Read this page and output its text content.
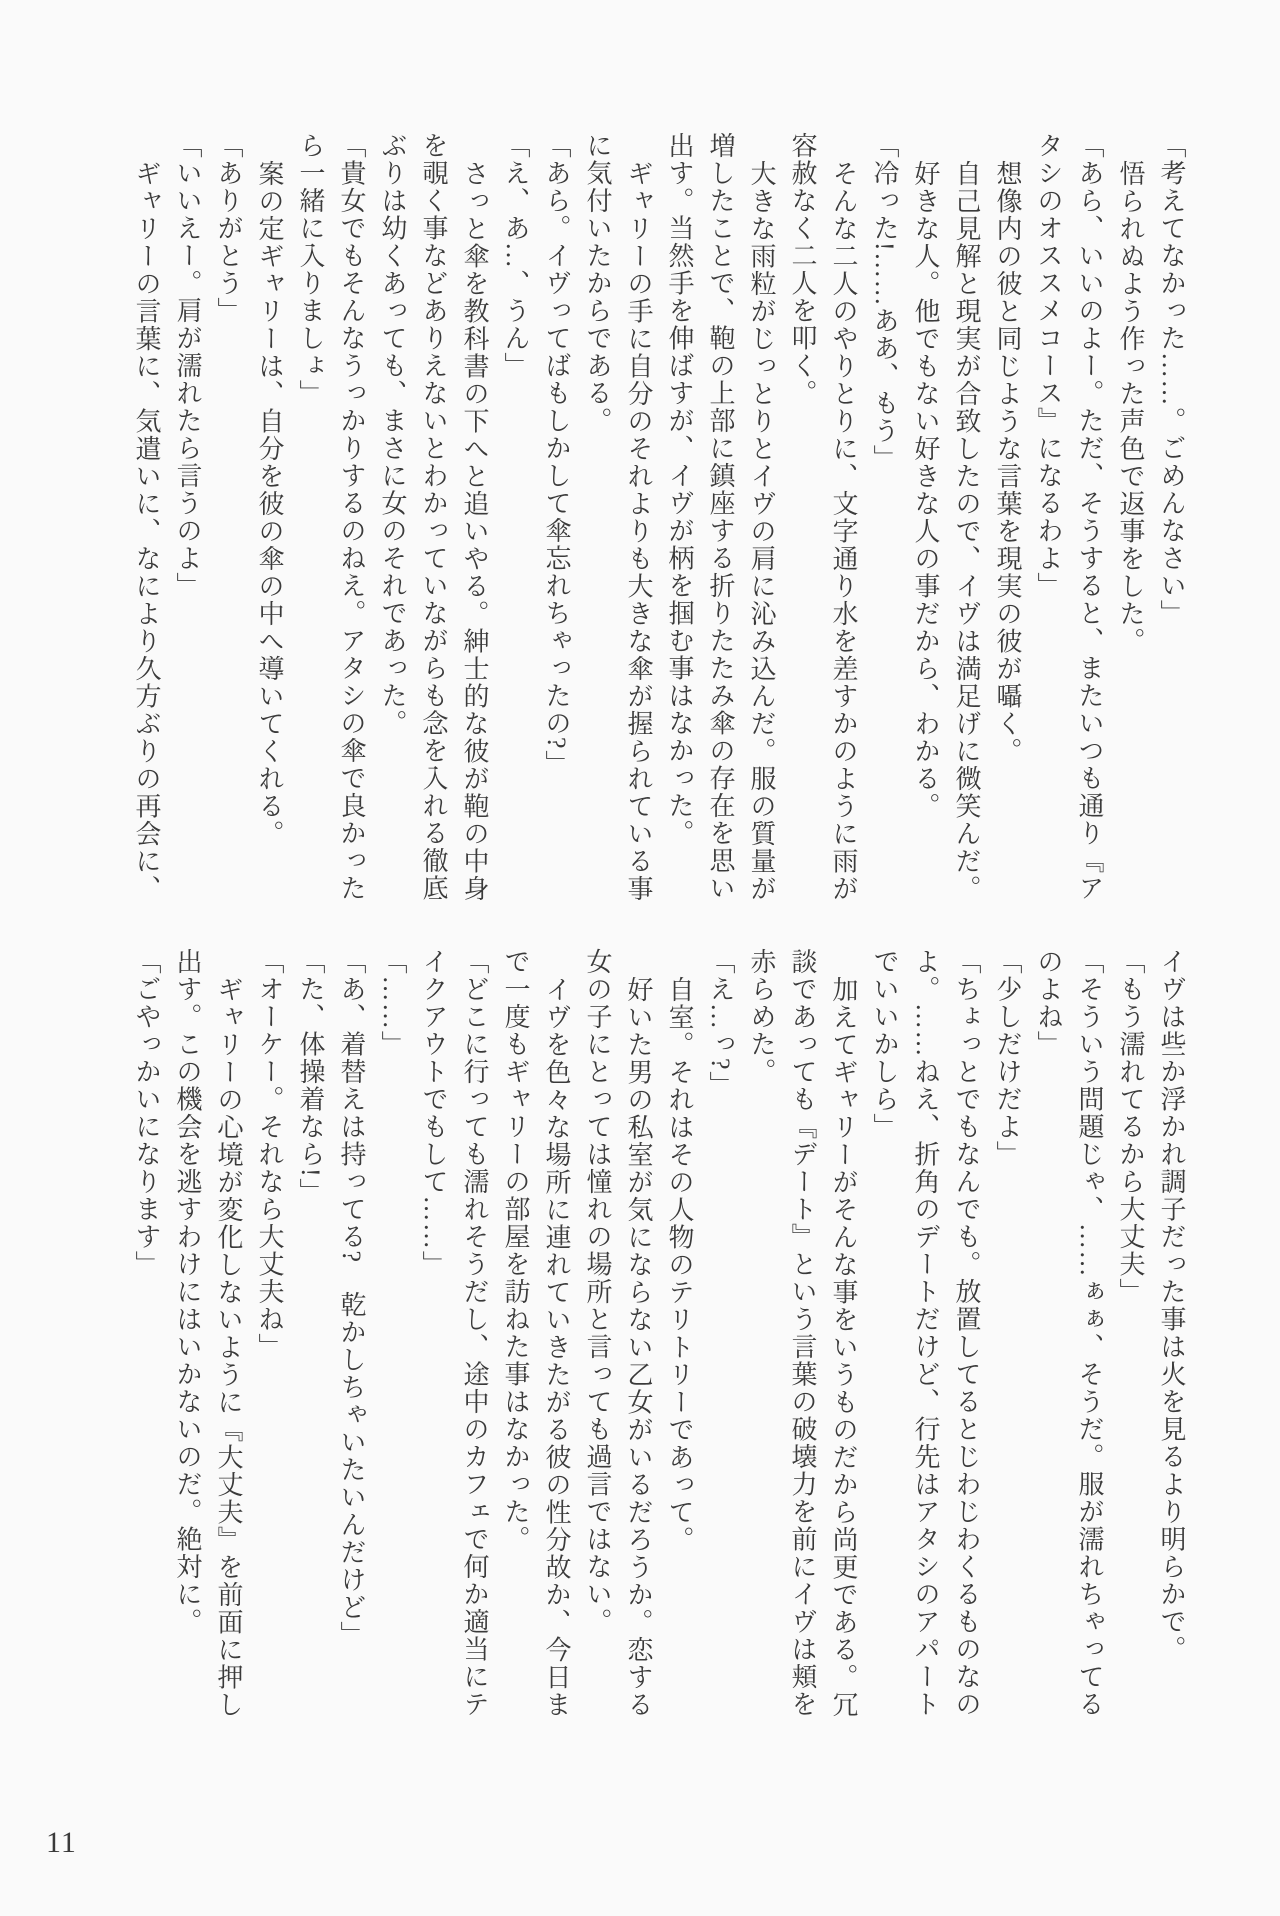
「考えてなかった……。ごめんなさい」

悟られぬよう作った声色で返事をした。

「あら、いいのよー。ただ、そうすると、またいつも通り『アタシのオススメコース』になるわよ」

想像内の彼と同じような言葉を現実の彼が囁く。

自己見解と現実が合致したので、イヴは満足げに微笑んだ。

好きな人。他でもない好きな人の事だから、わかる。

「冷った!……ああ、もう」

そんな二人のやりとりに、文字通り水を差すかのように雨が容赦なく二人を叩く。

大きな雨粒がじっとりとイヴの肩に沁み込んだ。服の質量が増したことで、鞄の上部に鎮座する折りたたみ傘の存在を思い出す。当然手を伸ばすが、イヴが柄を掴む事はなかった。

ギャリーの手に自分のそれよりも大きな傘が握られている事に気付いたからである。

「あら。イヴってばもしかして傘忘れちゃったの?」

「え、あ…、うん」

さっと傘を教科書の下へと追いやる。紳士的な彼が鞄の中身を覗く事などありえないとわかっていながらも念を入れる徹底ぶりは幼くあっても、まさに女のそれであった。

「貴女でもそんなうっかりするのねえ。アタシの傘で良かったら一緒に入りましょ」

案の定ギャリーは、自分を彼の傘の中へ導いてくれる。

「ありがとう」

「いいえー。肩が濡れたら言うのよ」

ギャリーの言葉に、気遣いに、なにより久方ぶりの再会に、

イヴは些か浮かれ調子だった事は火を見るより明らかで。

「もう濡れてるから大丈夫」

「そういう問題じゃ、……ぁぁ、そうだ。服が濡れちゃってるのよね」

「少しだけだよ」

「ちょっとでもなんでも。放置してるとじわじわくるものなのよ。……ねえ、折角のデートだけど、行先はアタシのアパートでいいかしら」

加えてギャリーがそんな事をいうものだから尚更である。冗談であっても『デート』という言葉の破壊力を前にイヴは頬を赤らめた。

「え…っ?」

自室。それはその人物のテリトリーであって。

好いた男の私室が気にならない乙女がいるだろうか。恋する女の子にとっては憧れの場所と言っても過言ではない。

イヴを色々な場所に連れていきたがる彼の性分故か、今日まで一度もギャリーの部屋を訪ねた事はなかった。

「どこに行っても濡れそうだし、途中のカフェで何か適当にテイクアウトでもして……」

「……」

「あ、着替えは持ってる?　乾かしちゃいたいんだけど」

「た、体操着なら!」

「オーケー。それなら大丈夫ね」

ギャリーの心境が変化しないように『大丈夫』を前面に押し出す。この機会を逃すわけにはいかないのだ。絶対に。

「ごやっかいになります」

11
